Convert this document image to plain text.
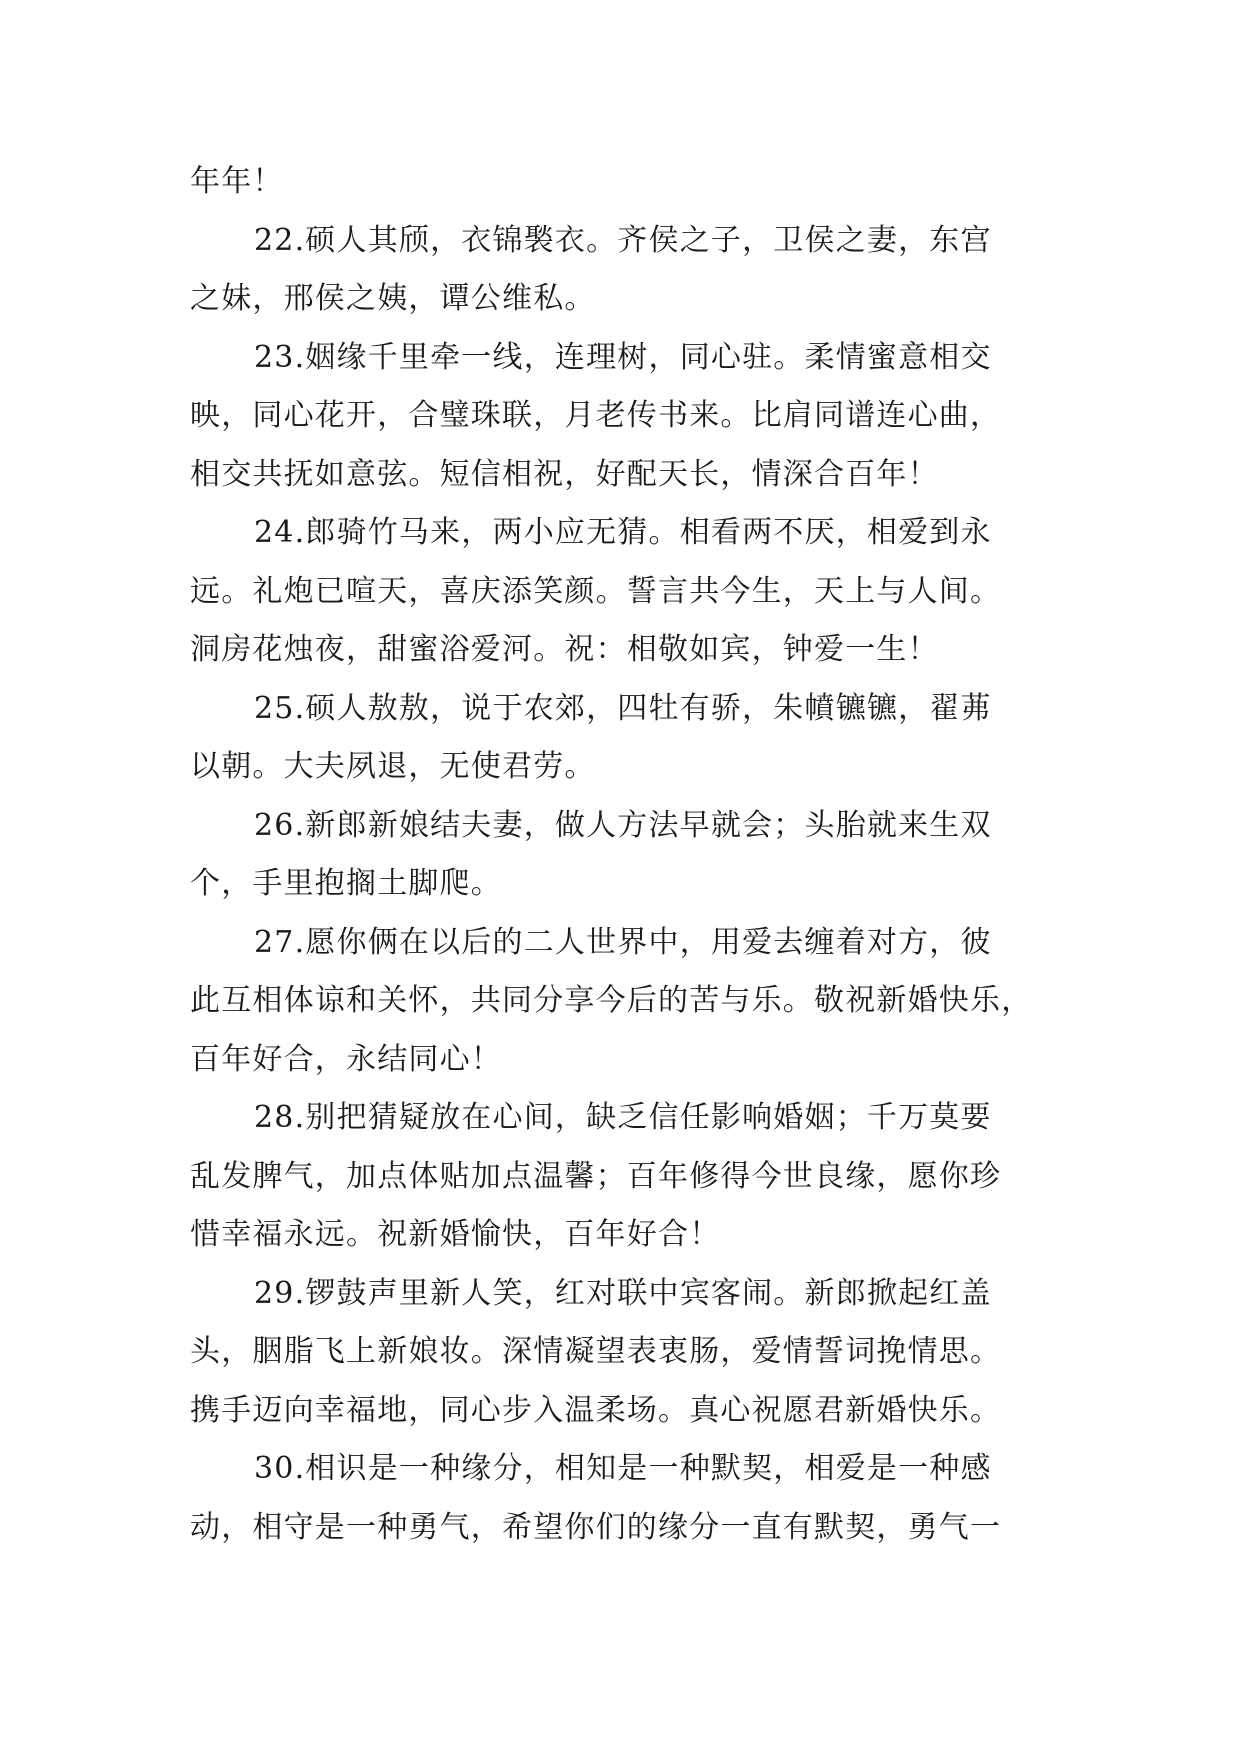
年年！
22.硕人其颀，衣锦褧衣。齐侯之子，卫侯之妻，东宫
之妹，邢侯之姨，谭公维私。
23.姻缘千里牵一线，连理树，同心驻。柔情蜜意相交
映，同心花开，合璧珠联，月老传书来。比肩同谱连心曲，
相交共抚如意弦。短信相祝，好配天长，情深合百年！
24.郎骑竹马来，两小应无猜。相看两不厌，相爱到永
远。礼炮已喧天，喜庆添笑颜。誓言共今生，天上与人间。
洞房花烛夜，甜蜜浴爱河。祝：相敬如宾，钟爱一生！
25.硕人敖敖，说于农郊，四牡有骄，朱幩镳镳，翟茀
以朝。大夫夙退，无使君劳。
26.新郎新娘结夫妻，做人方法早就会；头胎就来生双
个，手里抱搁土脚爬。
27.愿你俩在以后的二人世界中，用爱去缠着对方，彼
此互相体谅和关怀，共同分享今后的苦与乐。敬祝新婚快乐，
百年好合，永结同心！
28.别把猜疑放在心间，缺乏信任影响婚姻；千万莫要
乱发脾气，加点体贴加点温馨；百年修得今世良缘，愿你珍
惜幸福永远。祝新婚愉快，百年好合！
29.锣鼓声里新人笑，红对联中宾客闹。新郎掀起红盖
头，胭脂飞上新娘妆。深情凝望表衷肠，爱情誓词挽情思。
携手迈向幸福地，同心步入温柔场。真心祝愿君新婚快乐。
30.相识是一种缘分，相知是一种默契，相爱是一种感
动，相守是一种勇气，希望你们的缘分一直有默契，勇气一
